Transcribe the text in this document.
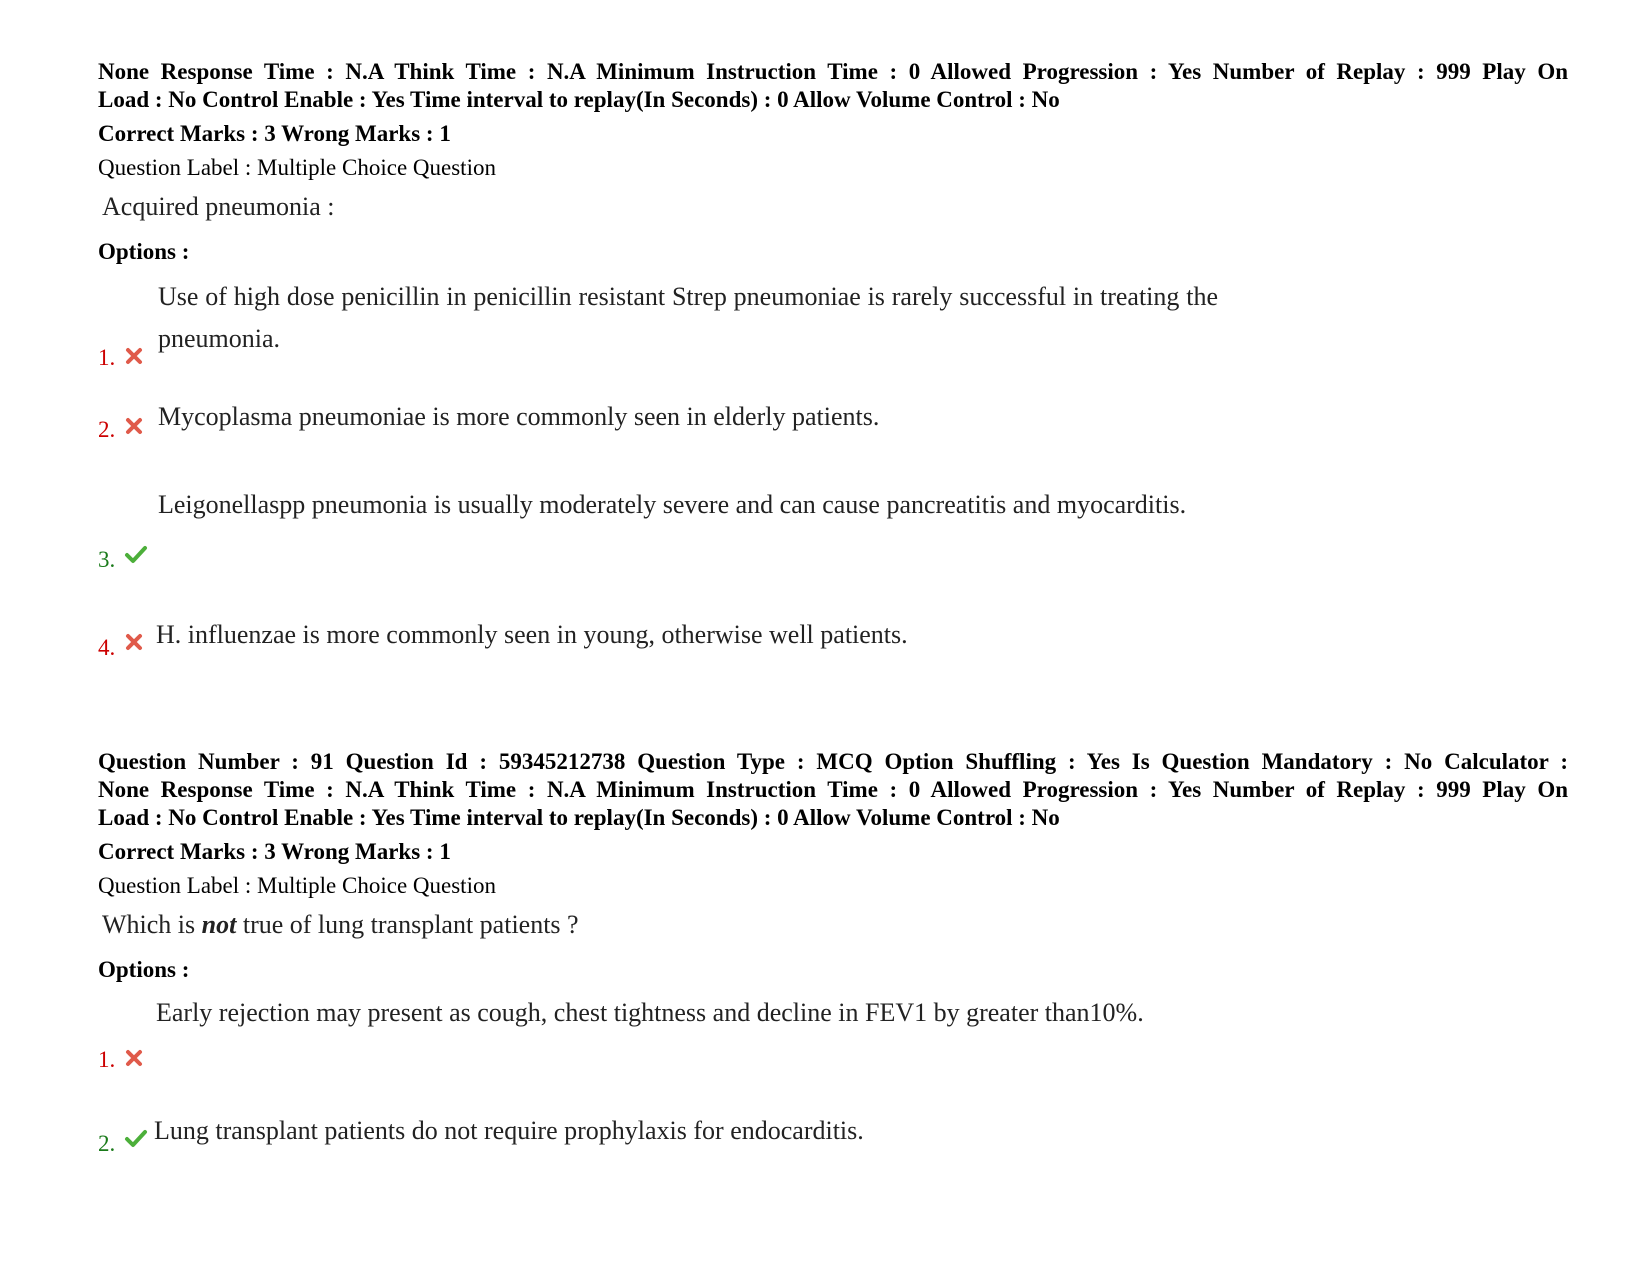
None Response Time : N.A Think Time : N.A Minimum Instruction Time : 0 Allowed Progression : Yes Number of Replay : 999 Play On
Load : No Control Enable : Yes Time interval to replay(In Seconds) : 0 Allow Volume Control : No
Correct Marks : 3 Wrong Marks : 1
Question Label : Multiple Choice Question
Acquired pneumonia :
Options :
Use of high dose penicillin in penicillin resistant Strep pneumoniae is rarely successful in treating the pneumonia.
1.
Mycoplasma pneumoniae is more commonly seen in elderly patients.
2.
Leigonellaspp pneumonia is usually moderately severe and can cause pancreatitis and myocarditis.
3.
H. influenzae is more commonly seen in young, otherwise well patients.
4.
Question Number : 91 Question Id : 59345212738 Question Type : MCQ Option Shuffling : Yes Is Question Mandatory : No Calculator :
None Response Time : N.A Think Time : N.A Minimum Instruction Time : 0 Allowed Progression : Yes Number of Replay : 999 Play On
Load : No Control Enable : Yes Time interval to replay(In Seconds) : 0 Allow Volume Control : No
Correct Marks : 3 Wrong Marks : 1
Question Label : Multiple Choice Question
Which is not true of lung transplant patients ?
Options :
Early rejection may present as cough, chest tightness and decline in FEV1 by greater than10%.
1.
Lung transplant patients do not require prophylaxis for endocarditis.
2.
